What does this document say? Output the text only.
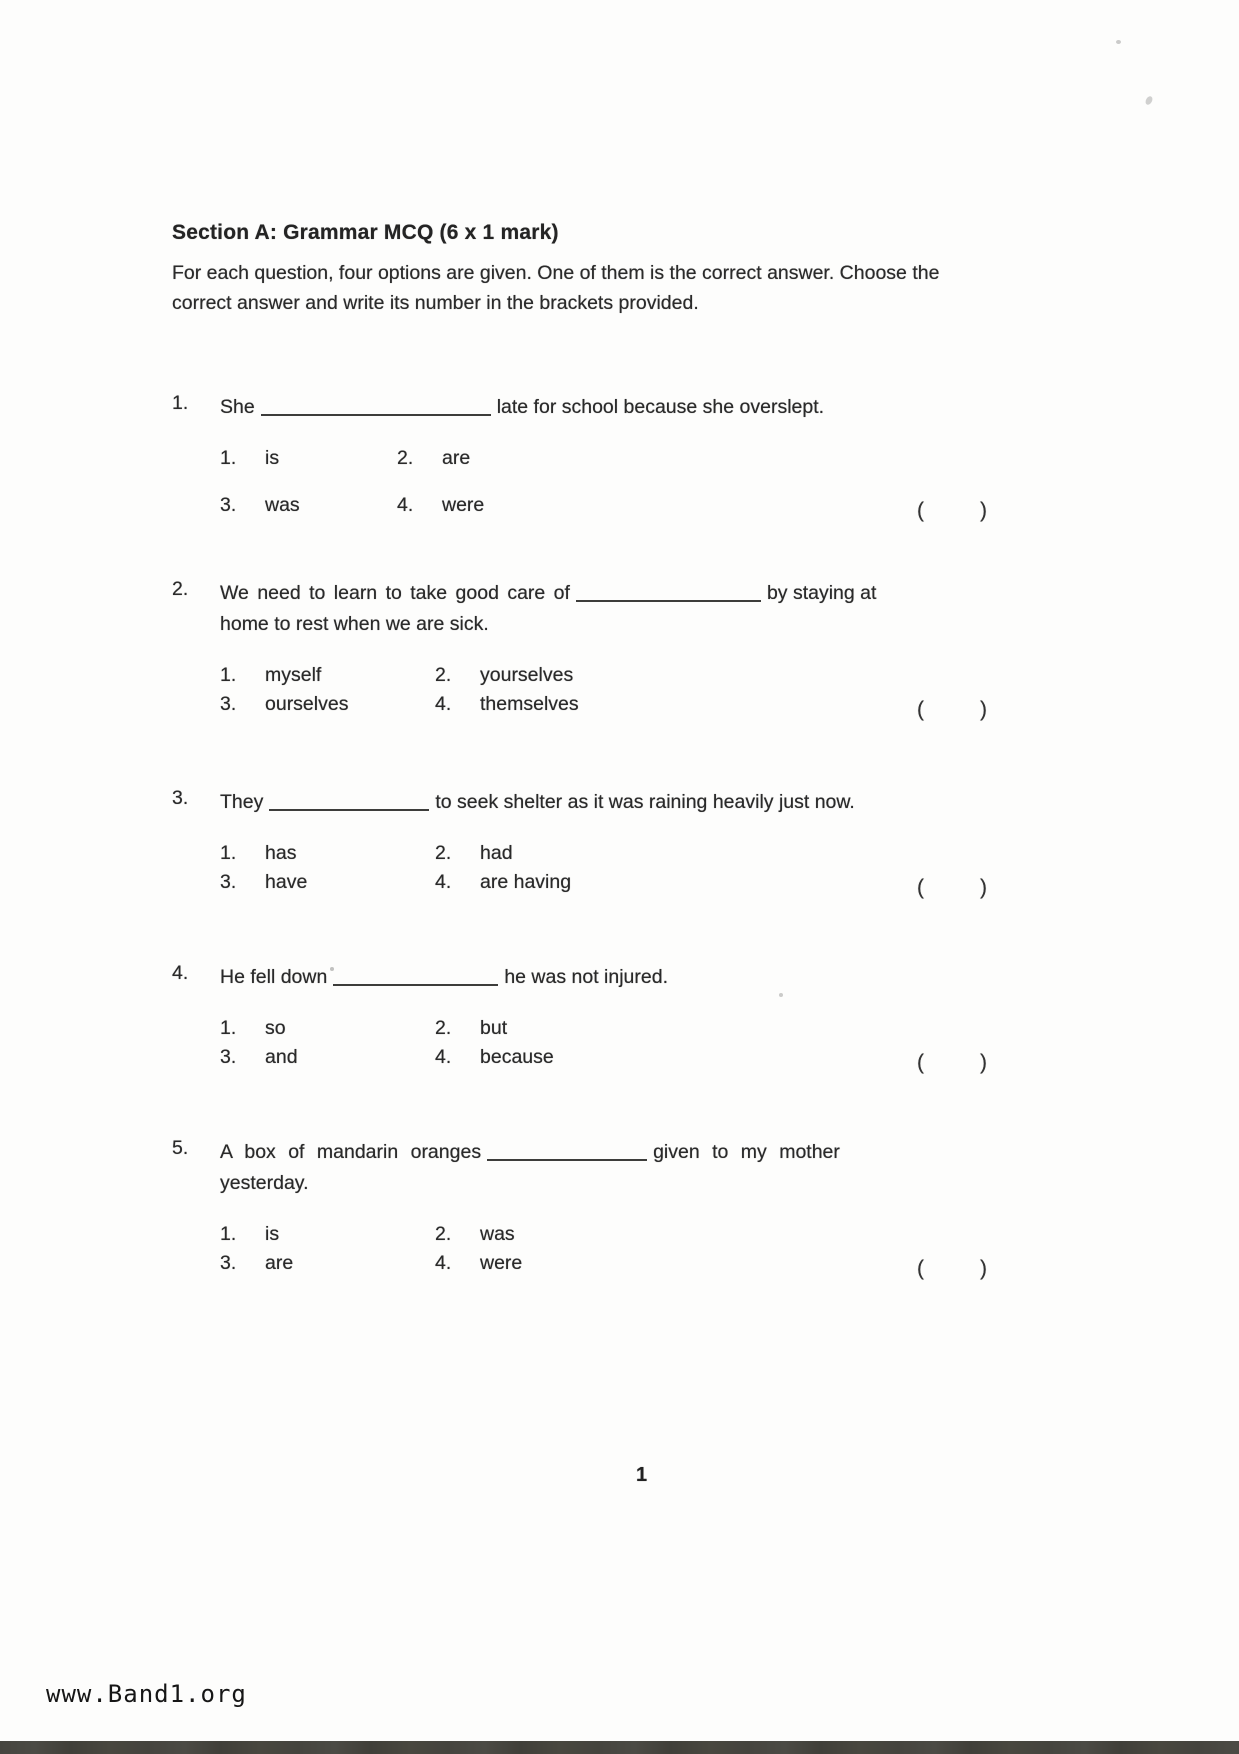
Section A: Grammar MCQ (6 x 1 mark)
For each question, four options are given. One of them is the correct answer. Choose the correct answer and write its number in the brackets provided.
1.	She	late for school because she overslept.
1.	is	2.	are
3.	was	4.	were	(	)
2.	We need to learn to take good care of	by staying at
home to rest when we are sick.
1.	myself	2.	yourselves
3.	ourselves	4.	themselves	(	)
3.	They	to seek shelter as it was raining heavily just now.
1.	has	2.	had
3.	have	4.	are having	(	)
4.	He fell down	he was not injured.
1.	so	2.	but
3.	and	4.	because	(	)
5.	A box of mandarin oranges	given to my mother
yesterday.
1.	is	2.	was
3.	are	4.	were	(	)
1
www.Band1.org
